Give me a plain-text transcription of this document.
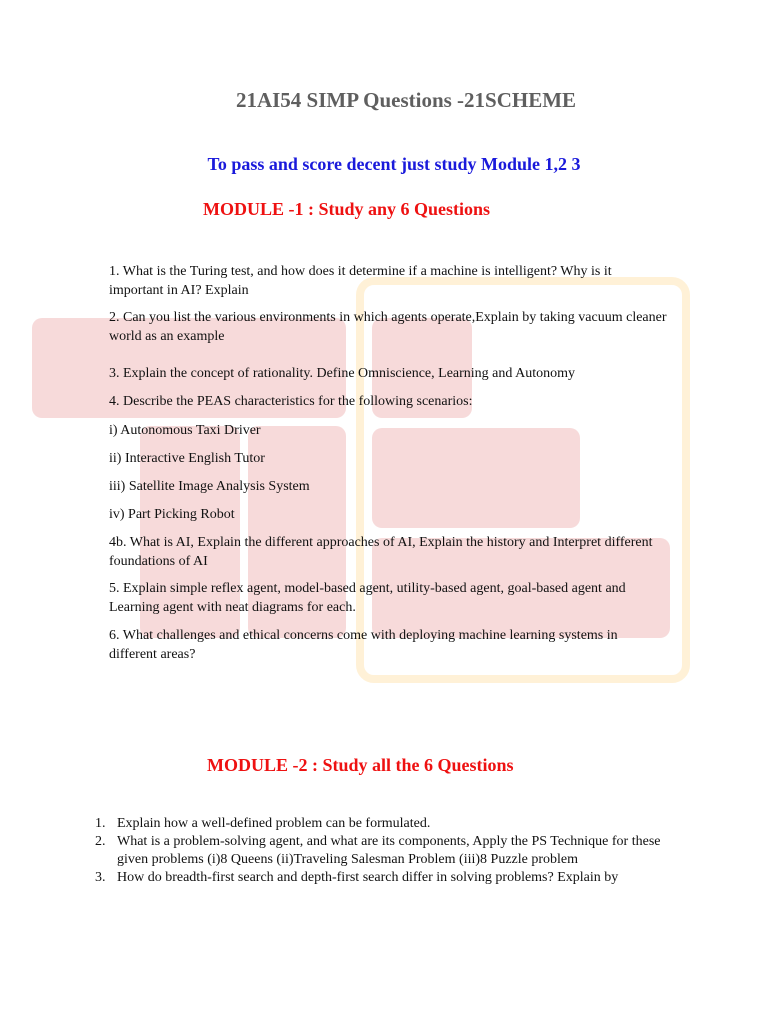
21AI54 SIMP Questions -21SCHEME
To pass and score decent just study Module 1,2 3
MODULE -1 : Study any 6 Questions

1. What is the Turing test, and how does it determine if a machine is intelligent? Why is it important in AI? Explain

2. Can you list the various environments in which agents operate,Explain by taking vacuum cleaner world as an example

3. Explain the concept of rationality. Define Omniscience, Learning and Autonomy

4. Describe the PEAS characteristics for the following scenarios:

i) Autonomous Taxi Driver

ii) Interactive English Tutor

iii) Satellite Image Analysis System

iv) Part Picking Robot

4b. What is AI, Explain the different approaches of AI, Explain the history and Interpret different foundations of AI

5. Explain simple reflex agent, model-based agent, utility-based agent, goal-based agent and Learning agent with neat diagrams for each.

6. What challenges and ethical concerns come with deploying machine learning systems in different areas?

MODULE -2 : Study all the 6 Questions
1. Explain how a well-defined problem can be formulated.
2. What is a problem-solving agent, and what are its components, Apply the PS Technique for these given problems (i)8 Queens (ii)Traveling Salesman Problem (iii)8 Puzzle problem
3. How do breadth-first search and depth-first search differ in solving problems? Explain by
